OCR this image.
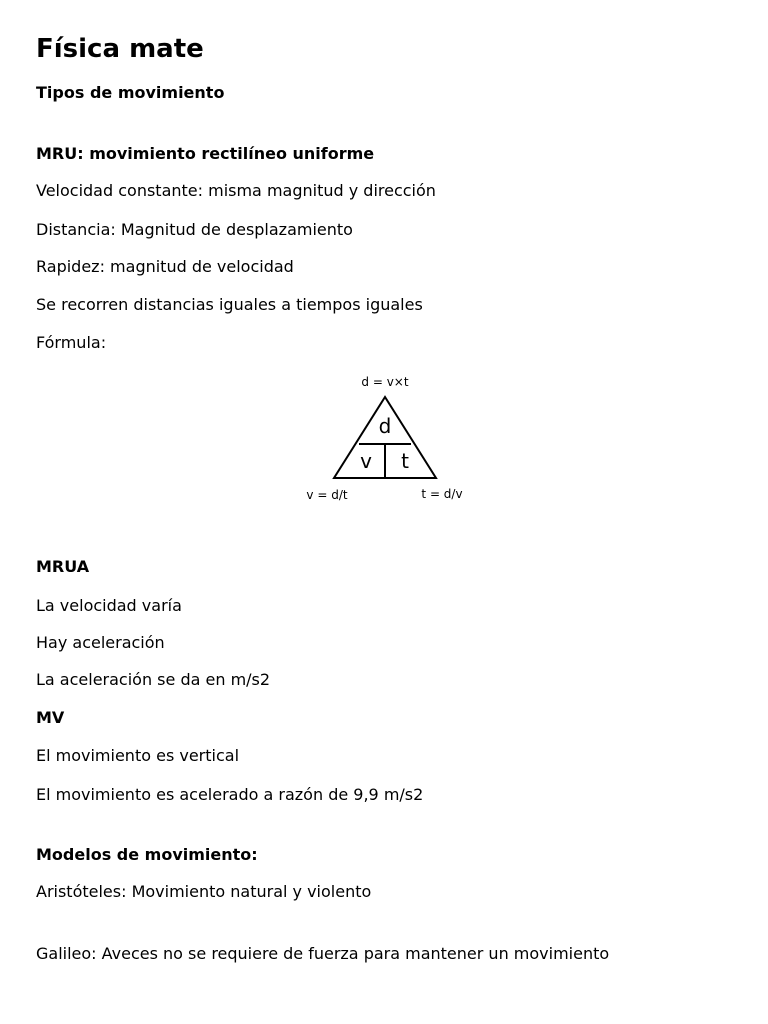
Física mate

Tipos de movimiento

MRU: movimiento rectilíneo uniforme

Velocidad constante: misma magnitud y dirección

Distancia: Magnitud de desplazamiento

Rapidez: magnitud de velocidad

Se recorren distancias iguales a tiempos iguales

Fórmula:

d = v×t
d
v t
v = d/t	t = d/v

MRUA

La velocidad varía

Hay aceleración

La aceleración se da en m/s2

MV

El movimiento es vertical

El movimiento es acelerado a razón de 9,9 m/s2

Modelos de movimiento:

Aristóteles: Movimiento natural y violento

Galileo: Aveces no se requiere de fuerza para mantener un movimiento
